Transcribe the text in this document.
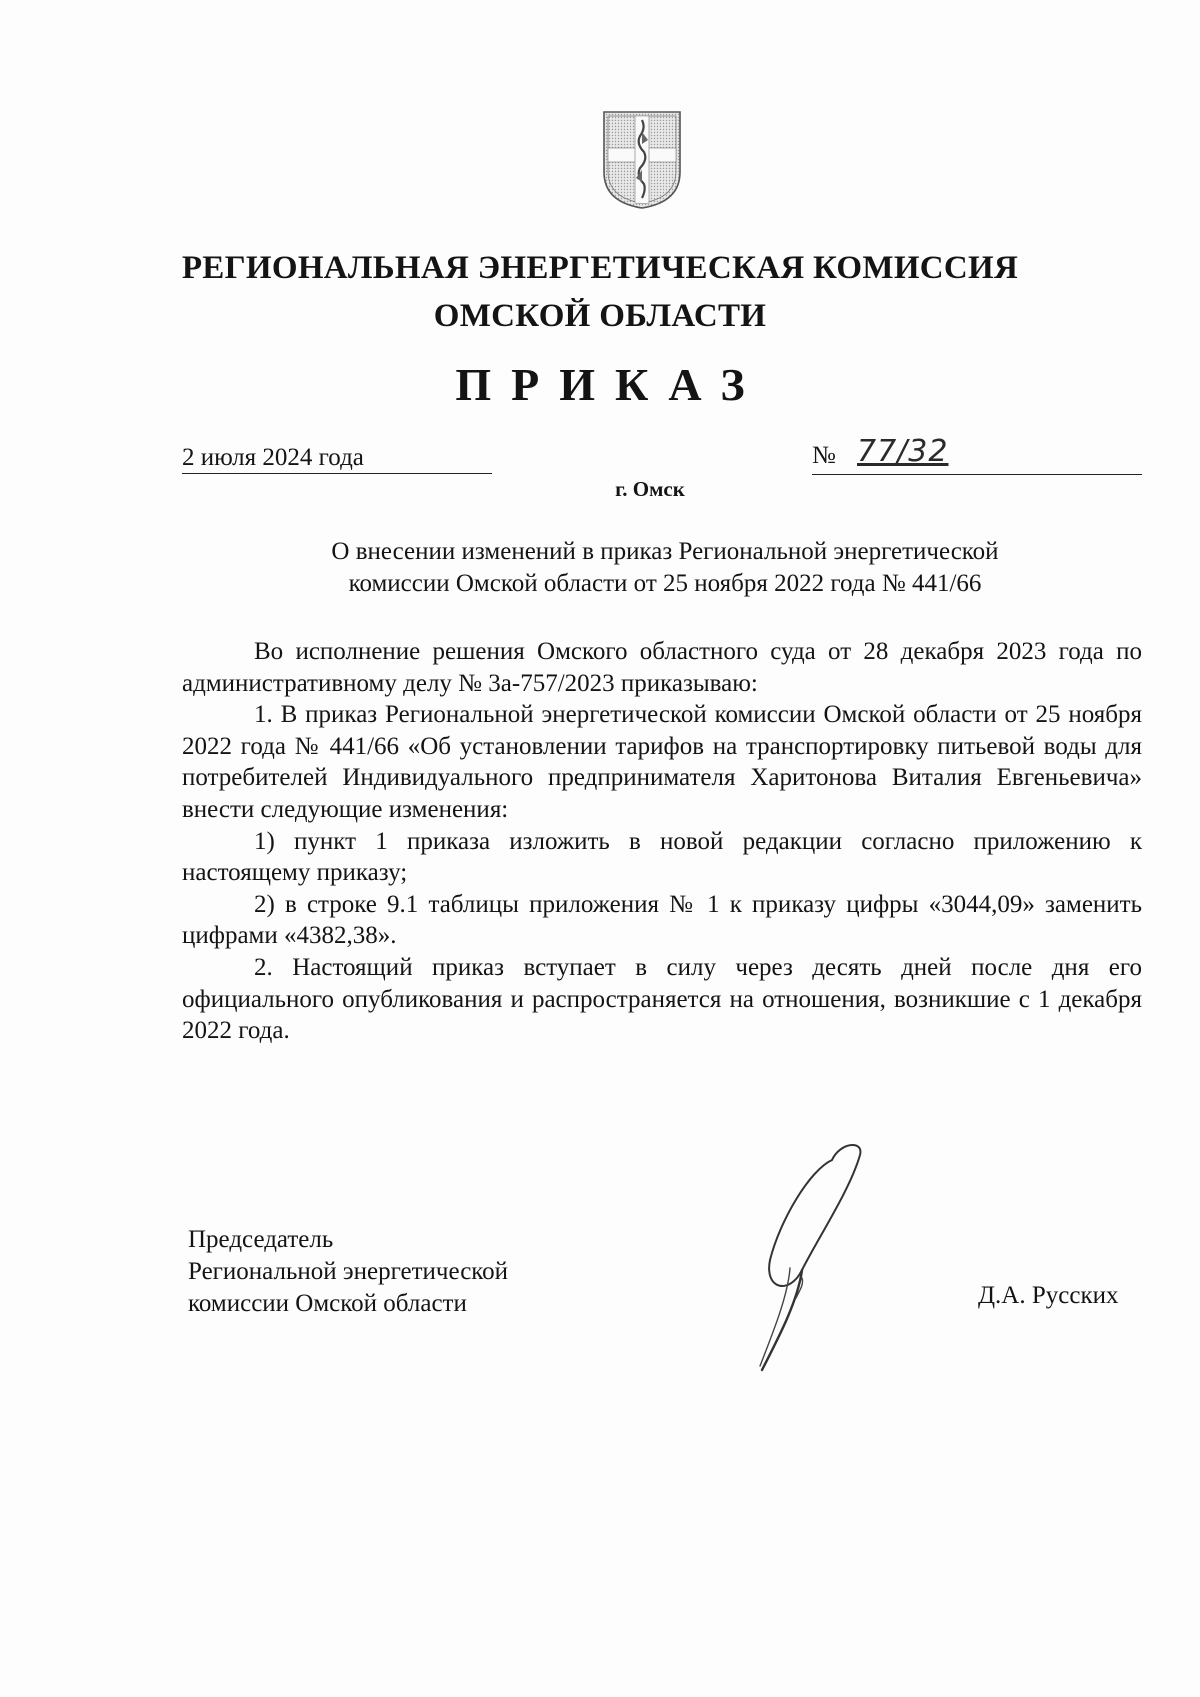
РЕГИОНАЛЬНАЯ ЭНЕРГЕТИЧЕСКАЯ КОМИССИЯ
ОМСКОЙ ОБЛАСТИ
ПРИКАЗ
2 июля 2024 года	№ 77/32
г. Омск
О внесении изменений в приказ Региональной энергетической
комиссии Омской области от 25 ноября 2022 года № 441/66

Во исполнение решения Омского областного суда от 28 декабря 2023 года по административному делу № 3а-757/2023 приказываю:

1. В приказ Региональной энергетической комиссии Омской области от 25 ноября 2022 года № 441/66 «Об установлении тарифов на транспортировку питьевой воды для потребителей Индивидуального предпринимателя Харитонова Виталия Евгеньевича» внести следующие изменения:

1) пункт 1 приказа изложить в новой редакции согласно приложению к настоящему приказу;

2) в строке 9.1 таблицы приложения № 1 к приказу цифры «3044,09» заменить цифрами «4382,38».

2. Настоящий приказ вступает в силу через десять дней после дня его официального опубликования и распространяется на отношения, возникшие с 1 декабря 2022 года.

Председатель
Региональной энергетической
комиссии Омской области	Д.А. Русских
